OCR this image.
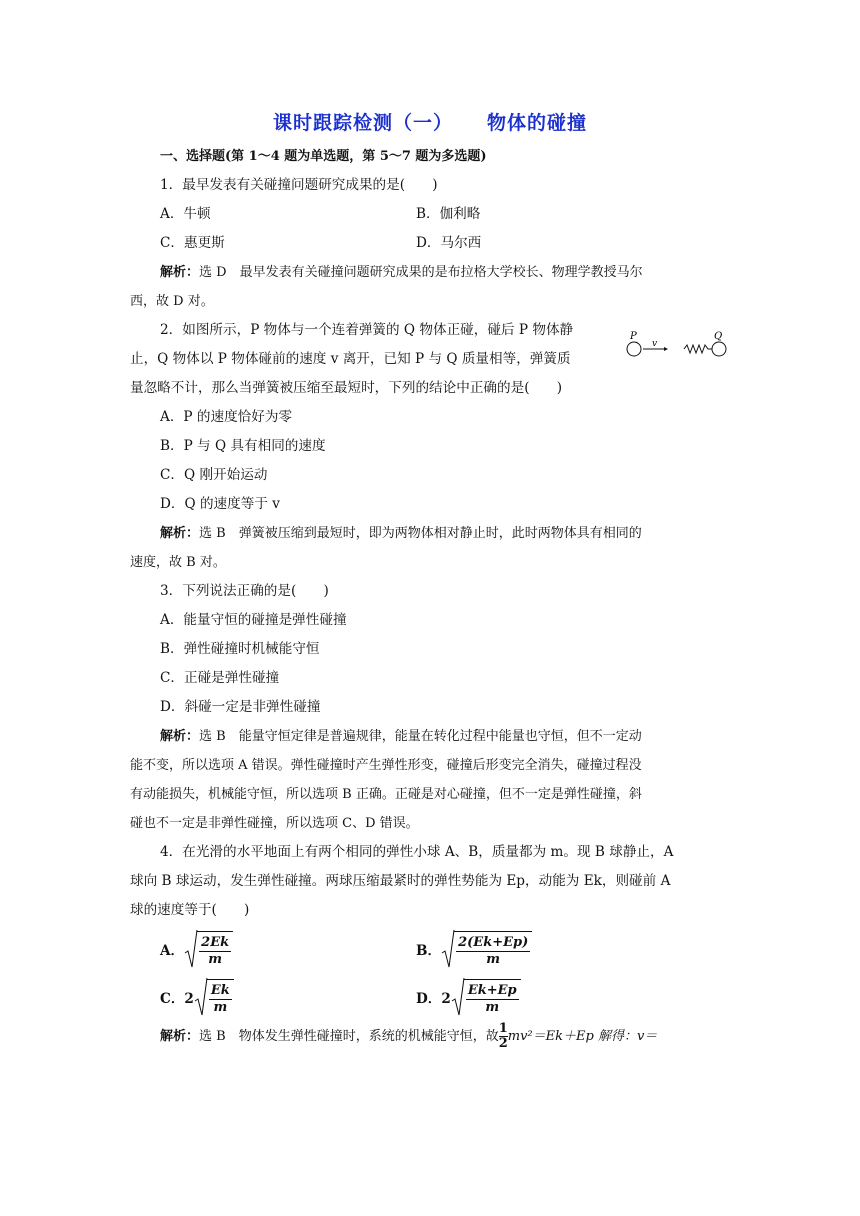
课时跟踪检测（一） 物体的碰撞
一、选择题(第 1～4 题为单选题，第 5～7 题为多选题)
1．最早发表有关碰撞问题研究成果的是(　　)
A．牛顿	B．伽利略
C．惠更斯	D．马尔西
解析：选 D　最早发表有关碰撞问题研究成果的是布拉格大学校长、物理学教授马尔
西，故 D 对。
2．如图所示，P 物体与一个连着弹簧的 Q 物体正碰，碰后 P 物体静
止，Q 物体以 P 物体碰前的速度 v 离开，已知 P 与 Q 质量相等，弹簧质
量忽略不计，那么当弹簧被压缩至最短时，下列的结论中正确的是(　　)
A．P 的速度恰好为零
B．P 与 Q 具有相同的速度
C．Q 刚开始运动
D．Q 的速度等于 v
解析：选 B　弹簧被压缩到最短时，即为两物体相对静止时，此时两物体具有相同的
速度，故 B 对。
3．下列说法正确的是(　　)
A．能量守恒的碰撞是弹性碰撞
B．弹性碰撞时机械能守恒
C．正碰是弹性碰撞
D．斜碰一定是非弹性碰撞
解析：选 B　能量守恒定律是普遍规律，能量在转化过程中能量也守恒，但不一定动
能不变，所以选项 A 错误。弹性碰撞时产生弹性形变，碰撞后形变完全消失，碰撞过程没
有动能损失，机械能守恒，所以选项 B 正确。正碰是对心碰撞，但不一定是弹性碰撞，斜
碰也不一定是非弹性碰撞，所以选项 C、D 错误。
4．在光滑的水平地面上有两个相同的弹性小球 A、B，质量都为 m。现 B 球静止，A
球向 B 球运动，发生弹性碰撞。两球压缩最紧时的弹性势能为 Ep，动能为 Ek，则碰前 A
球的速度等于(　　)
A． $\frac{2Ek}{m}$	B． $\frac{2(Ek+Ep)}{m}$
C．$2 \frac{Ek}{m}$	D．$2 \frac{Ek+Ep}{m}$
解析：选 B　物体发生弹性碰撞时，系统的机械能守恒，故 $\frac{1}{2} mv^2=Ek+Ep$ 解得：v＝
P
v
Q
